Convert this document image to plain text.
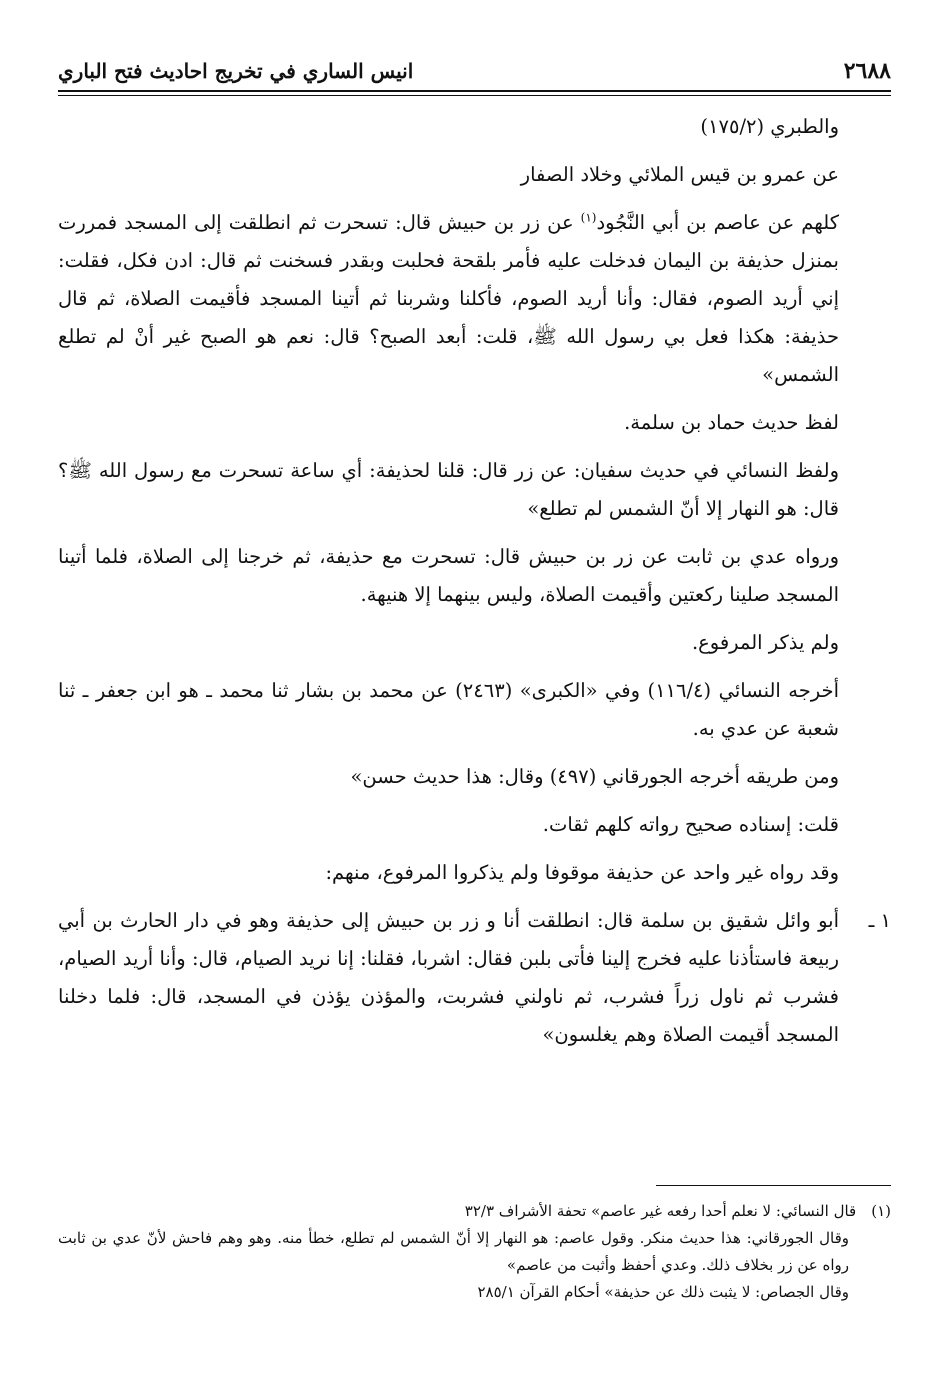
٢٦٨٨
انيس الساري في تخريج احاديث فتح الباري

والطبري (١٧٥/٢)

عن عمرو بن قيس الملائي وخلاد الصفار

كلهم عن عاصم بن أبي النَّجُود$^{(١)}$ عن زر بن حبيش قال: تسحرت ثم انطلقت إلى المسجد فمررت بمنزل حذيفة بن اليمان فدخلت عليه فأمر بلقحة فحلبت وبقدر فسخنت ثم قال: ادن فكل، فقلت: إني أريد الصوم، فقال: وأنا أريد الصوم، فأكلنا وشربنا ثم أتينا المسجد فأقيمت الصلاة، ثم قال حذيفة: هكذا فعل بي رسول الله ﷺ، قلت: أبعد الصبح؟ قال: نعم هو الصبح غير أنْ لم تطلع الشمس»

لفظ حديث حماد بن سلمة.

ولفظ النسائي في حديث سفيان: عن زر قال: قلنا لحذيفة: أي ساعة تسحرت مع رسول الله ﷺ؟ قال: هو النهار إلا أنّ الشمس لم تطلع»

ورواه عدي بن ثابت عن زر بن حبيش قال: تسحرت مع حذيفة، ثم خرجنا إلى الصلاة، فلما أتينا المسجد صلينا ركعتين وأقيمت الصلاة، وليس بينهما إلا هنيهة.

ولم يذكر المرفوع.

أخرجه النسائي (١١٦/٤) وفي «الكبرى» (٢٤٦٣) عن محمد بن بشار ثنا محمد ـ هو ابن جعفر ـ ثنا شعبة عن عدي به.

ومن طريقه أخرجه الجورقاني (٤٩٧) وقال: هذا حديث حسن»

قلت: إسناده صحيح رواته كلهم ثقات.

وقد رواه غير واحد عن حذيفة موقوفا ولم يذكروا المرفوع، منهم:

١ ـ
أبو وائل شقيق بن سلمة قال: انطلقت أنا و زر بن حبيش إلى حذيفة وهو في دار الحارث بن أبي ربيعة فاستأذنا عليه فخرج إلينا فأتى بلبن فقال: اشربا، فقلنا: إنا نريد الصيام، قال: وأنا أريد الصيام، فشرب ثم ناول زراً فشرب، ثم ناولني فشربت، والمؤذن يؤذن في المسجد، قال: فلما دخلنا المسجد أقيمت الصلاة وهم يغلسون»

(١) قال النسائي: لا نعلم أحدا رفعه غير عاصم» تحفة الأشراف ٣٢/٣

وقال الجورقاني: هذا حديث منكر. وقول عاصم: هو النهار إلا أنّ الشمس لم تطلع، خطأ منه. وهو وهم فاحش لأنّ عدي بن ثابت رواه عن زر بخلاف ذلك. وعدي أحفظ وأثبت من عاصم»

وقال الجصاص: لا يثبت ذلك عن حذيفة» أحكام القرآن ٢٨٥/١
